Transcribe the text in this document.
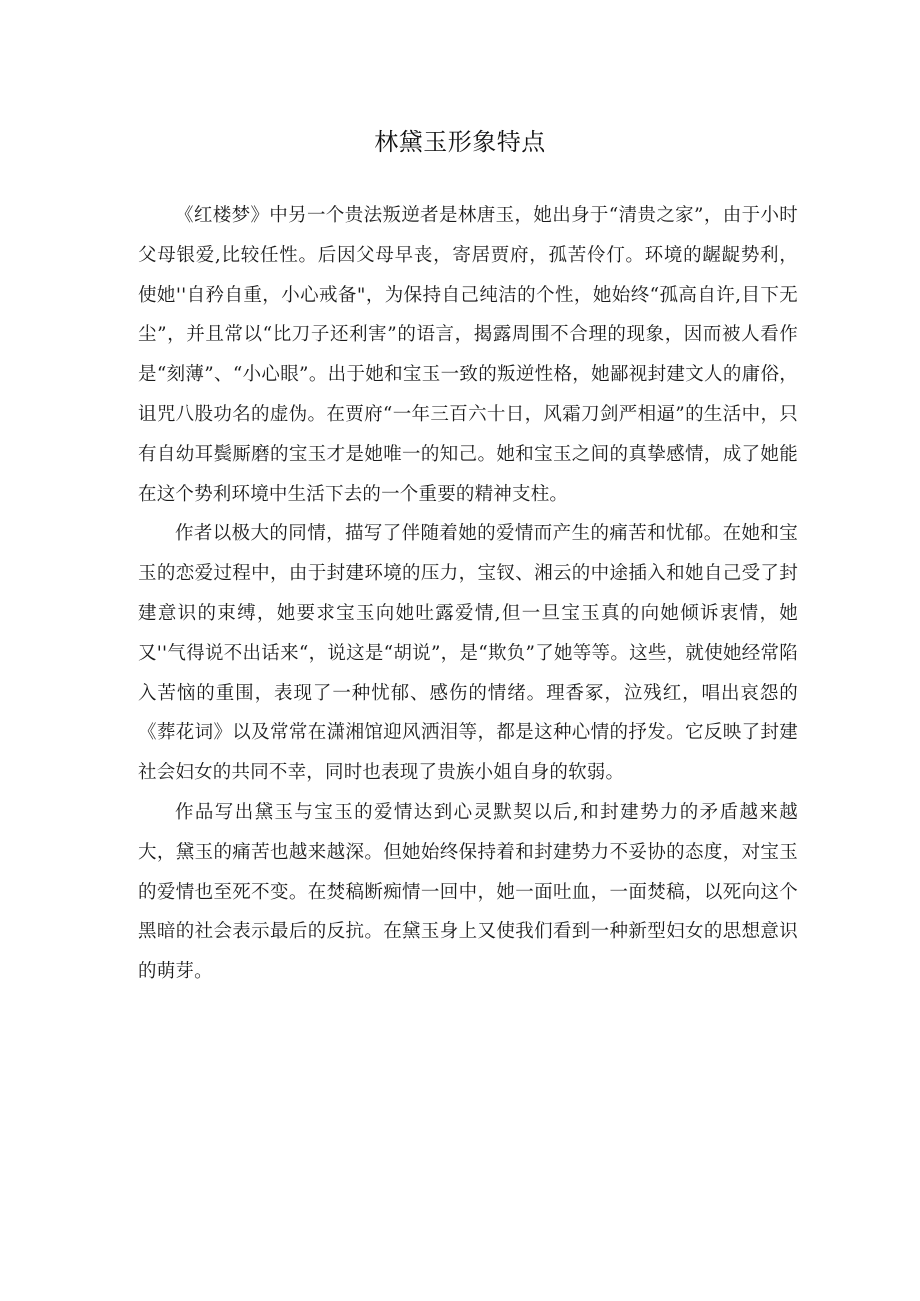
林黛玉形象特点

《红楼梦》中另一个贵法叛逆者是林唐玉，她出身于“清贵之家”，由于小时父母银爱,比较任性。后因父母早丧，寄居贾府，孤苦伶仃。环境的龌龊势利，使她''自矜自重，小心戒备"，为保持自己纯洁的个性，她始终“孤高自许,目下无尘”，并且常以“比刀子还利害”的语言，揭露周围不合理的现象，因而被人看作是“刻薄”、“小心眼”。出于她和宝玉一致的叛逆性格，她鄙视封建文人的庸俗，诅咒八股功名的虚伪。在贾府“一年三百六十日，风霜刀剑严相逼”的生活中，只有自幼耳鬓厮磨的宝玉才是她唯一的知己。她和宝玉之间的真挚感情，成了她能在这个势利环境中生活下去的一个重要的精神支柱。

作者以极大的同情，描写了伴随着她的爱情而产生的痛苦和忧郁。在她和宝玉的恋爱过程中，由于封建环境的压力，宝钗、湘云的中途插入和她自己受了封建意识的束缚，她要求宝玉向她吐露爱情,但一旦宝玉真的向她倾诉衷情，她又''气得说不出话来“，说这是“胡说”，是“欺负”了她等等。这些，就使她经常陷入苦恼的重围，表现了一种忧郁、感伤的情绪。理香冢，泣残红，唱出哀怨的《葬花词》以及常常在潇湘馆迎风洒泪等，都是这种心情的抒发。它反映了封建社会妇女的共同不幸，同时也表现了贵族小姐自身的软弱。

作品写出黛玉与宝玉的爱情达到心灵默契以后,和封建势力的矛盾越来越大，黛玉的痛苦也越来越深。但她始终保持着和封建势力不妥协的态度，对宝玉的爱情也至死不变。在焚稿断痴情一回中，她一面吐血，一面焚稿，以死向这个黑暗的社会表示最后的反抗。在黛玉身上又使我们看到一种新型妇女的思想意识的萌芽。
